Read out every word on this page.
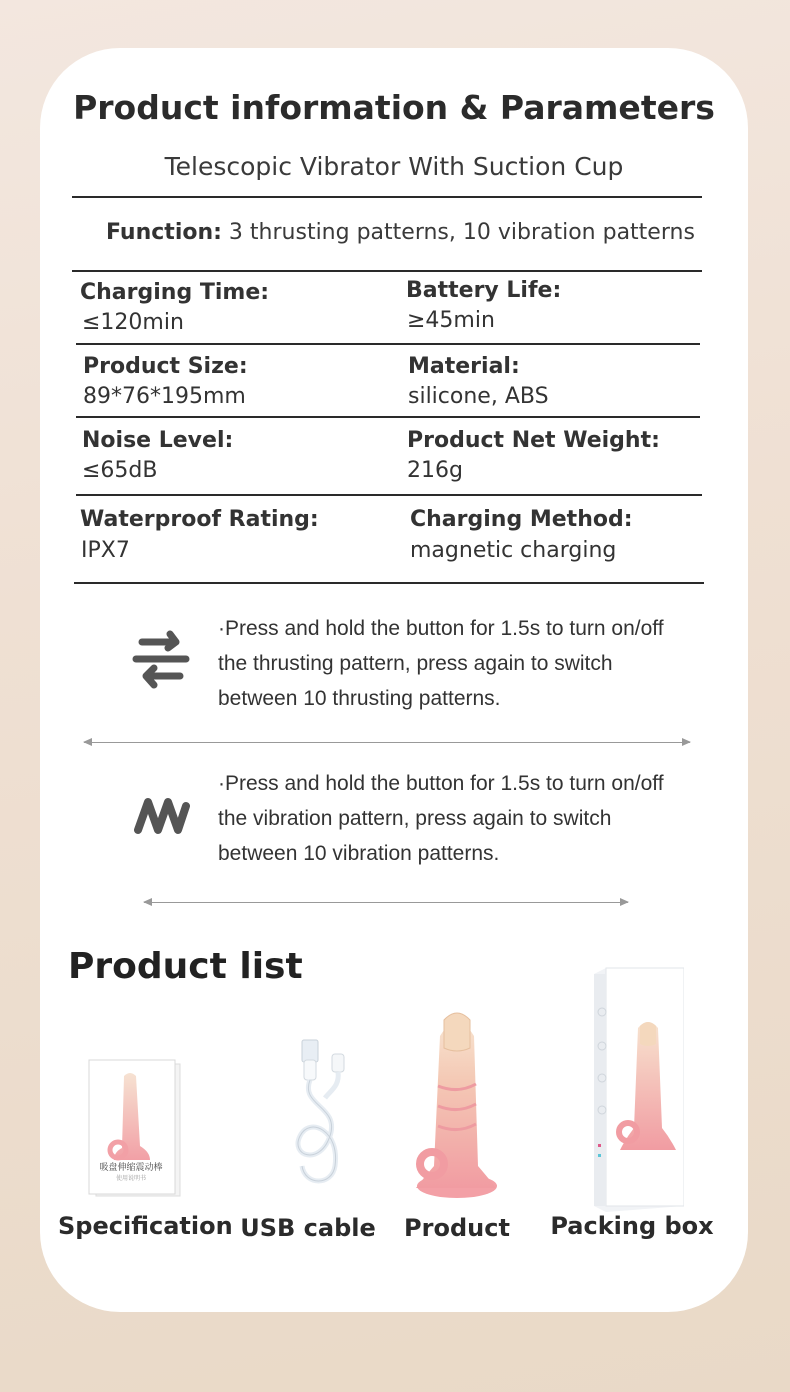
Product information & Parameters
Telescopic Vibrator With Suction Cup
Function: 3 thrusting patterns, 10 vibration patterns
Charging Time:
≤120min
Battery Life:
≥45min
Product Size:
89*76*195mm
Material:
silicone, ABS
Noise Level:
≤65dB
Product Net Weight:
216g
Waterproof Rating:
IPX7
Charging Method:
magnetic charging
·Press and hold the button for 1.5s to turn on/off
the thrusting pattern, press again to switch
between 10 thrusting patterns.
·Press and hold the button for 1.5s to turn on/off
the vibration pattern, press again to switch
between 10 vibration patterns.
Product list
吸盘伸缩震动棒
使用说明书
Specification USB cable	Product	Packing box
